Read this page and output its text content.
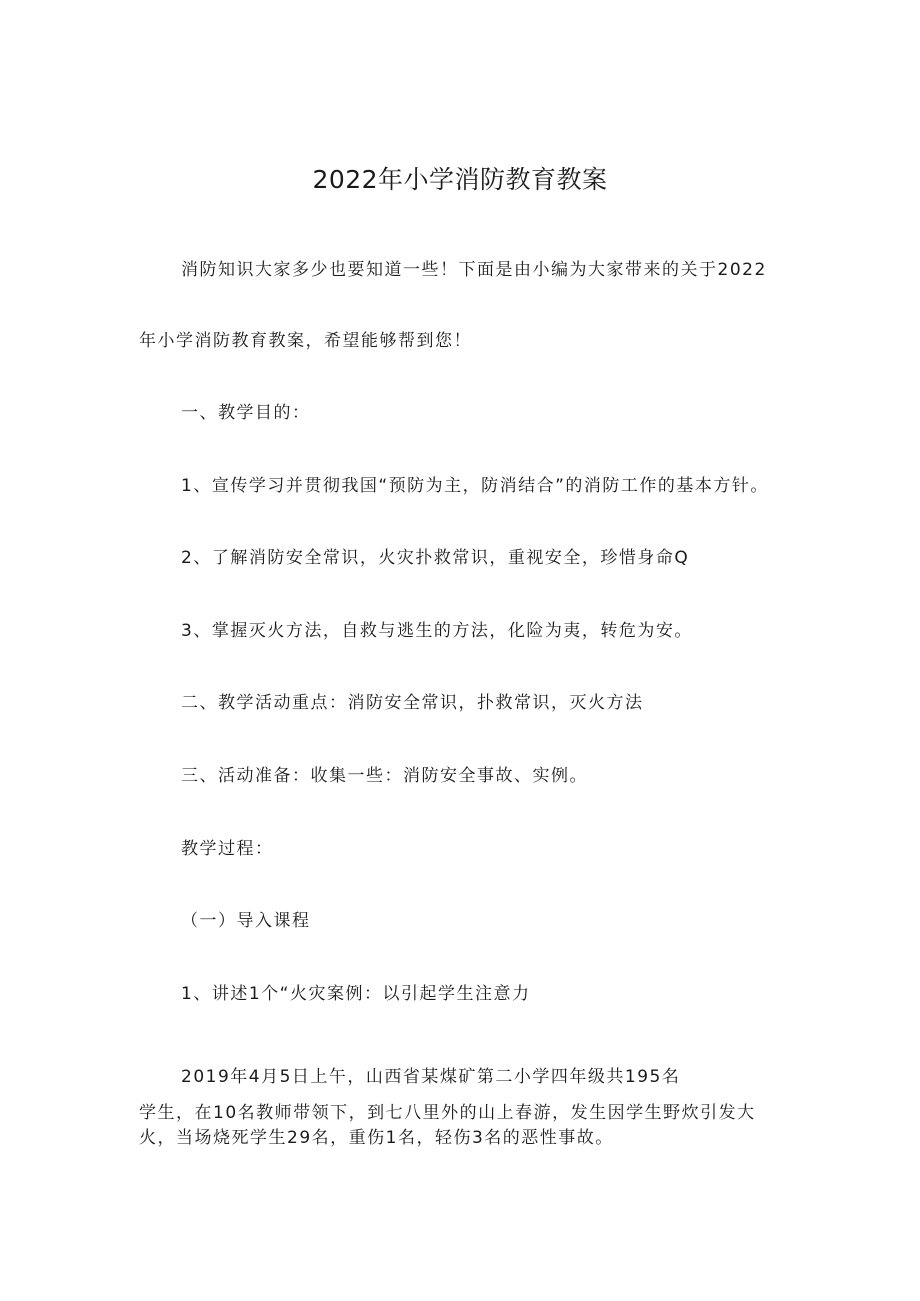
2022年小学消防教育教案
消防知识大家多少也要知道一些！下面是由小编为大家带来的关于2022
年小学消防教育教案，希望能够帮到您！
一、教学目的：
1、宣传学习并贯彻我国“预防为主，防消结合”的消防工作的基本方针。
2、了解消防安全常识，火灾扑救常识，重视安全，珍惜身命Q
3、掌握灭火方法，自救与逃生的方法，化险为夷，转危为安。
二、教学活动重点：消防安全常识，扑救常识，灭火方法
三、活动准备：收集一些：消防安全事故、实例。
教学过程：
（一）导入课程
1、讲述1个“火灾案例：以引起学生注意力
2019年4月5日上午，山西省某煤矿第二小学四年级共195名
学生，在10名教师带领下，到七八里外的山上春游，发生因学生野炊引发大
火，当场烧死学生29名，重伤1名，轻伤3名的恶性事故。
